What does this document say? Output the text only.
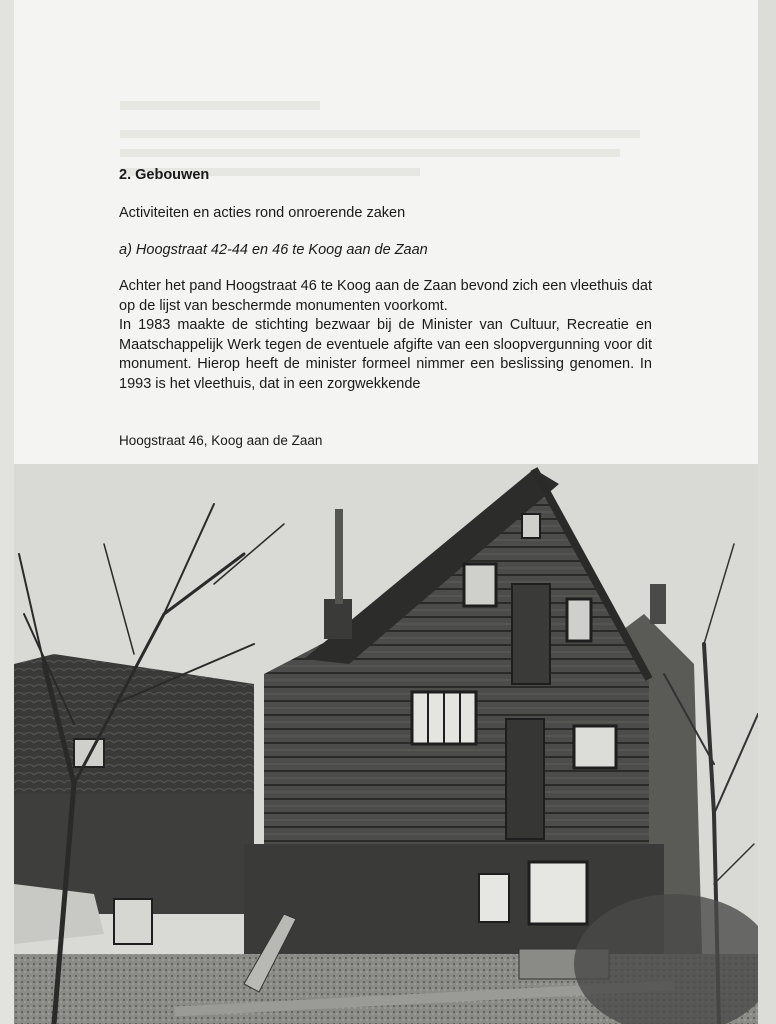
2. Gebouwen
Activiteiten en acties rond onroerende zaken
a) Hoogstraat 42-44 en 46 te Koog aan de Zaan

Achter het pand Hoogstraat 46 te Koog aan de Zaan bevond zich een vleethuis dat op de lijst van beschermde monumenten voorkomt.

In 1983 maakte de stichting bezwaar bij de Minister van Cultuur, Recreatie en Maatschappelijk Werk tegen de eventuele afgifte van een sloopvergunning voor dit monument. Hierop heeft de minister formeel nimmer een beslissing genomen. In 1993 is het vleethuis, dat in een zorgwekkende

Hoogstraat 46, Koog aan de Zaan
